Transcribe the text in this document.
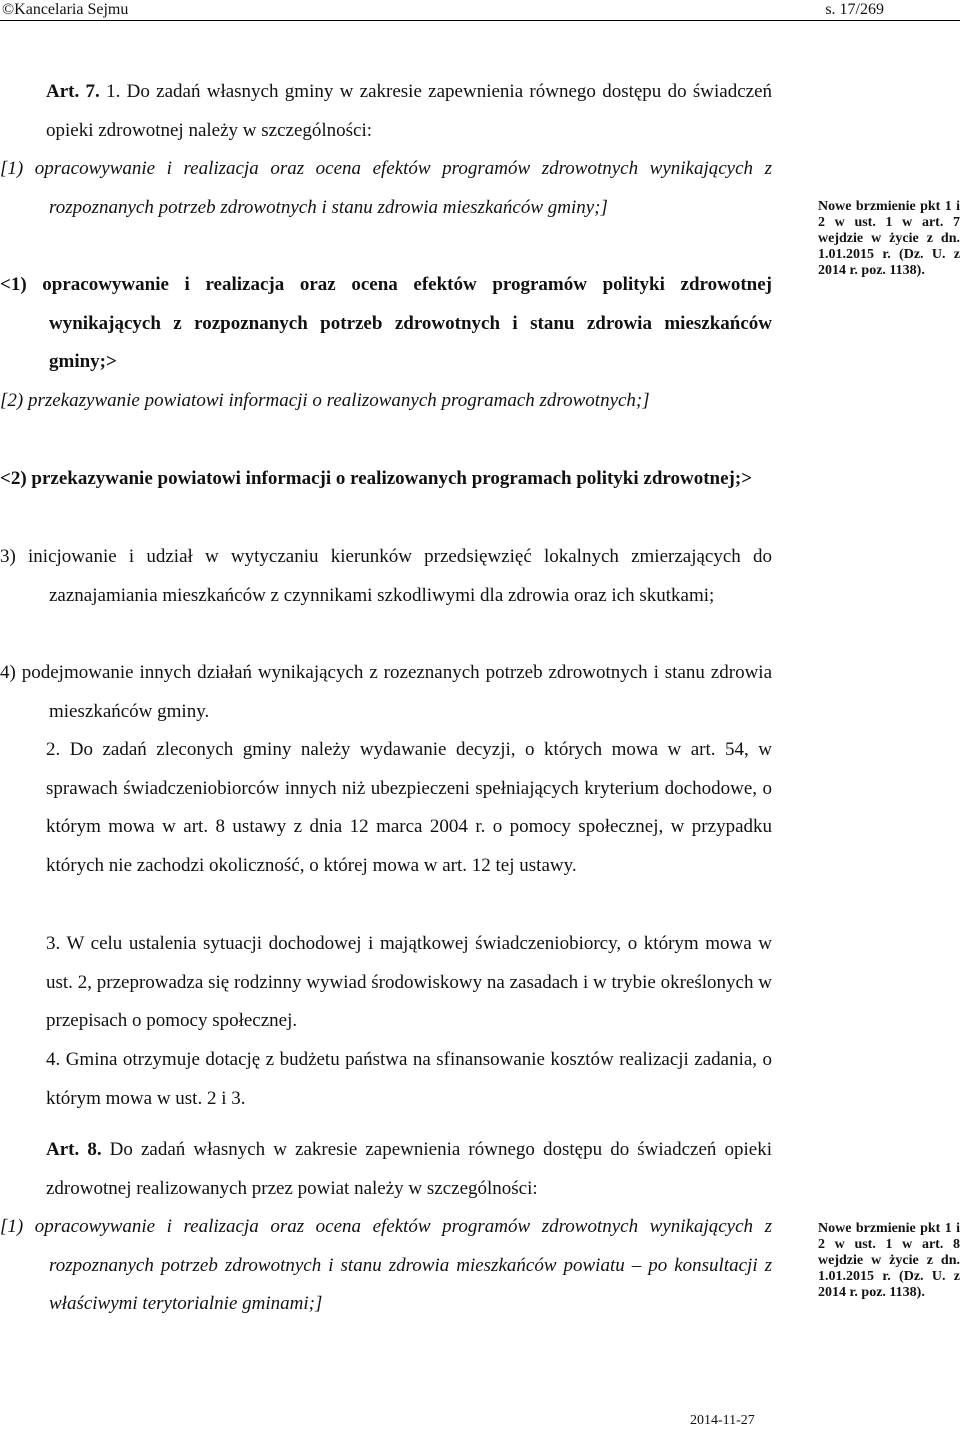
©Kancelaria Sejmu	s. 17/269
Art. 7. 1. Do zadań własnych gminy w zakresie zapewnienia równego dostępu do świadczeń opieki zdrowotnej należy w szczególności:
[1) opracowywanie i realizacja oraz ocena efektów programów zdrowotnych wynikających z rozpoznanych potrzeb zdrowotnych i stanu zdrowia mieszkańców gminy;]
<1) opracowywanie i realizacja oraz ocena efektów programów polityki zdrowotnej wynikających z rozpoznanych potrzeb zdrowotnych i stanu zdrowia mieszkańców gminy;>
[2) przekazywanie powiatowi informacji o realizowanych programach zdrowotnych;]
<2) przekazywanie powiatowi informacji o realizowanych programach polityki zdrowotnej;>
3) inicjowanie i udział w wytyczaniu kierunków przedsięwzięć lokalnych zmierzających do zaznajamiania mieszkańców z czynnikami szkodliwymi dla zdrowia oraz ich skutkami;
4) podejmowanie innych działań wynikających z rozeznanych potrzeb zdrowotnych i stanu zdrowia mieszkańców gminy.
2. Do zadań zleconych gminy należy wydawanie decyzji, o których mowa w art. 54, w sprawach świadczeniobiorców innych niż ubezpieczeni spełniających kryterium dochodowe, o którym mowa w art. 8 ustawy z dnia 12 marca 2004 r. o pomocy społecznej, w przypadku których nie zachodzi okoliczność, o której mowa w art. 12 tej ustawy.
3. W celu ustalenia sytuacji dochodowej i majątkowej świadczeniobiorcy, o którym mowa w ust. 2, przeprowadza się rodzinny wywiad środowiskowy na zasadach i w trybie określonych w przepisach o pomocy społecznej.
4. Gmina otrzymuje dotację z budżetu państwa na sfinansowanie kosztów realizacji zadania, o którym mowa w ust. 2 i 3.
Art. 8. Do zadań własnych w zakresie zapewnienia równego dostępu do świadczeń opieki zdrowotnej realizowanych przez powiat należy w szczególności:
[1) opracowywanie i realizacja oraz ocena efektów programów zdrowotnych wynikających z rozpoznanych potrzeb zdrowotnych i stanu zdrowia mieszkańców powiatu – po konsultacji z właściwymi terytorialnie gminami;]
Nowe brzmienie pkt 1 i 2 w ust. 1 w art. 7 wejdzie w życie z dn. 1.01.2015 r. (Dz. U. z 2014 r. poz. 1138).
Nowe brzmienie pkt 1 i 2 w ust. 1 w art. 8 wejdzie w życie z dn. 1.01.2015 r. (Dz. U. z 2014 r. poz. 1138).
2014-11-27
